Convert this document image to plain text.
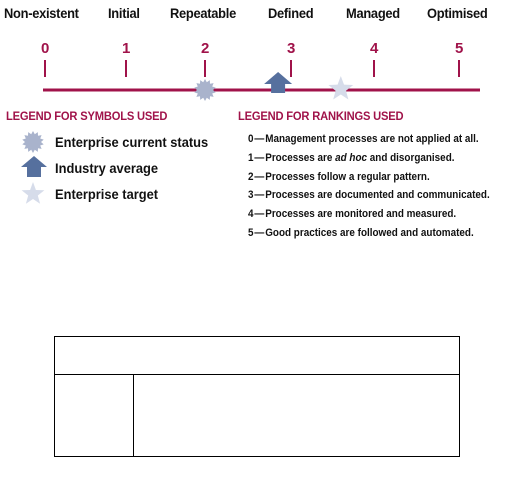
Non-existent Initial Repeatable Defined Managed Optimised
0	1	2	3	4	5
LEGEND FOR SYMBOLS USED
Enterprise current status
Industry average
Enterprise target
LEGEND FOR RANKINGS USED
0—Management processes are not applied at all.
1—Processes are ad hoc and disorganised.
2—Processes follow a regular pattern.
3—Processes are documented and communicated.
4—Processes are monitored and measured.
5—Good practices are followed and automated.
